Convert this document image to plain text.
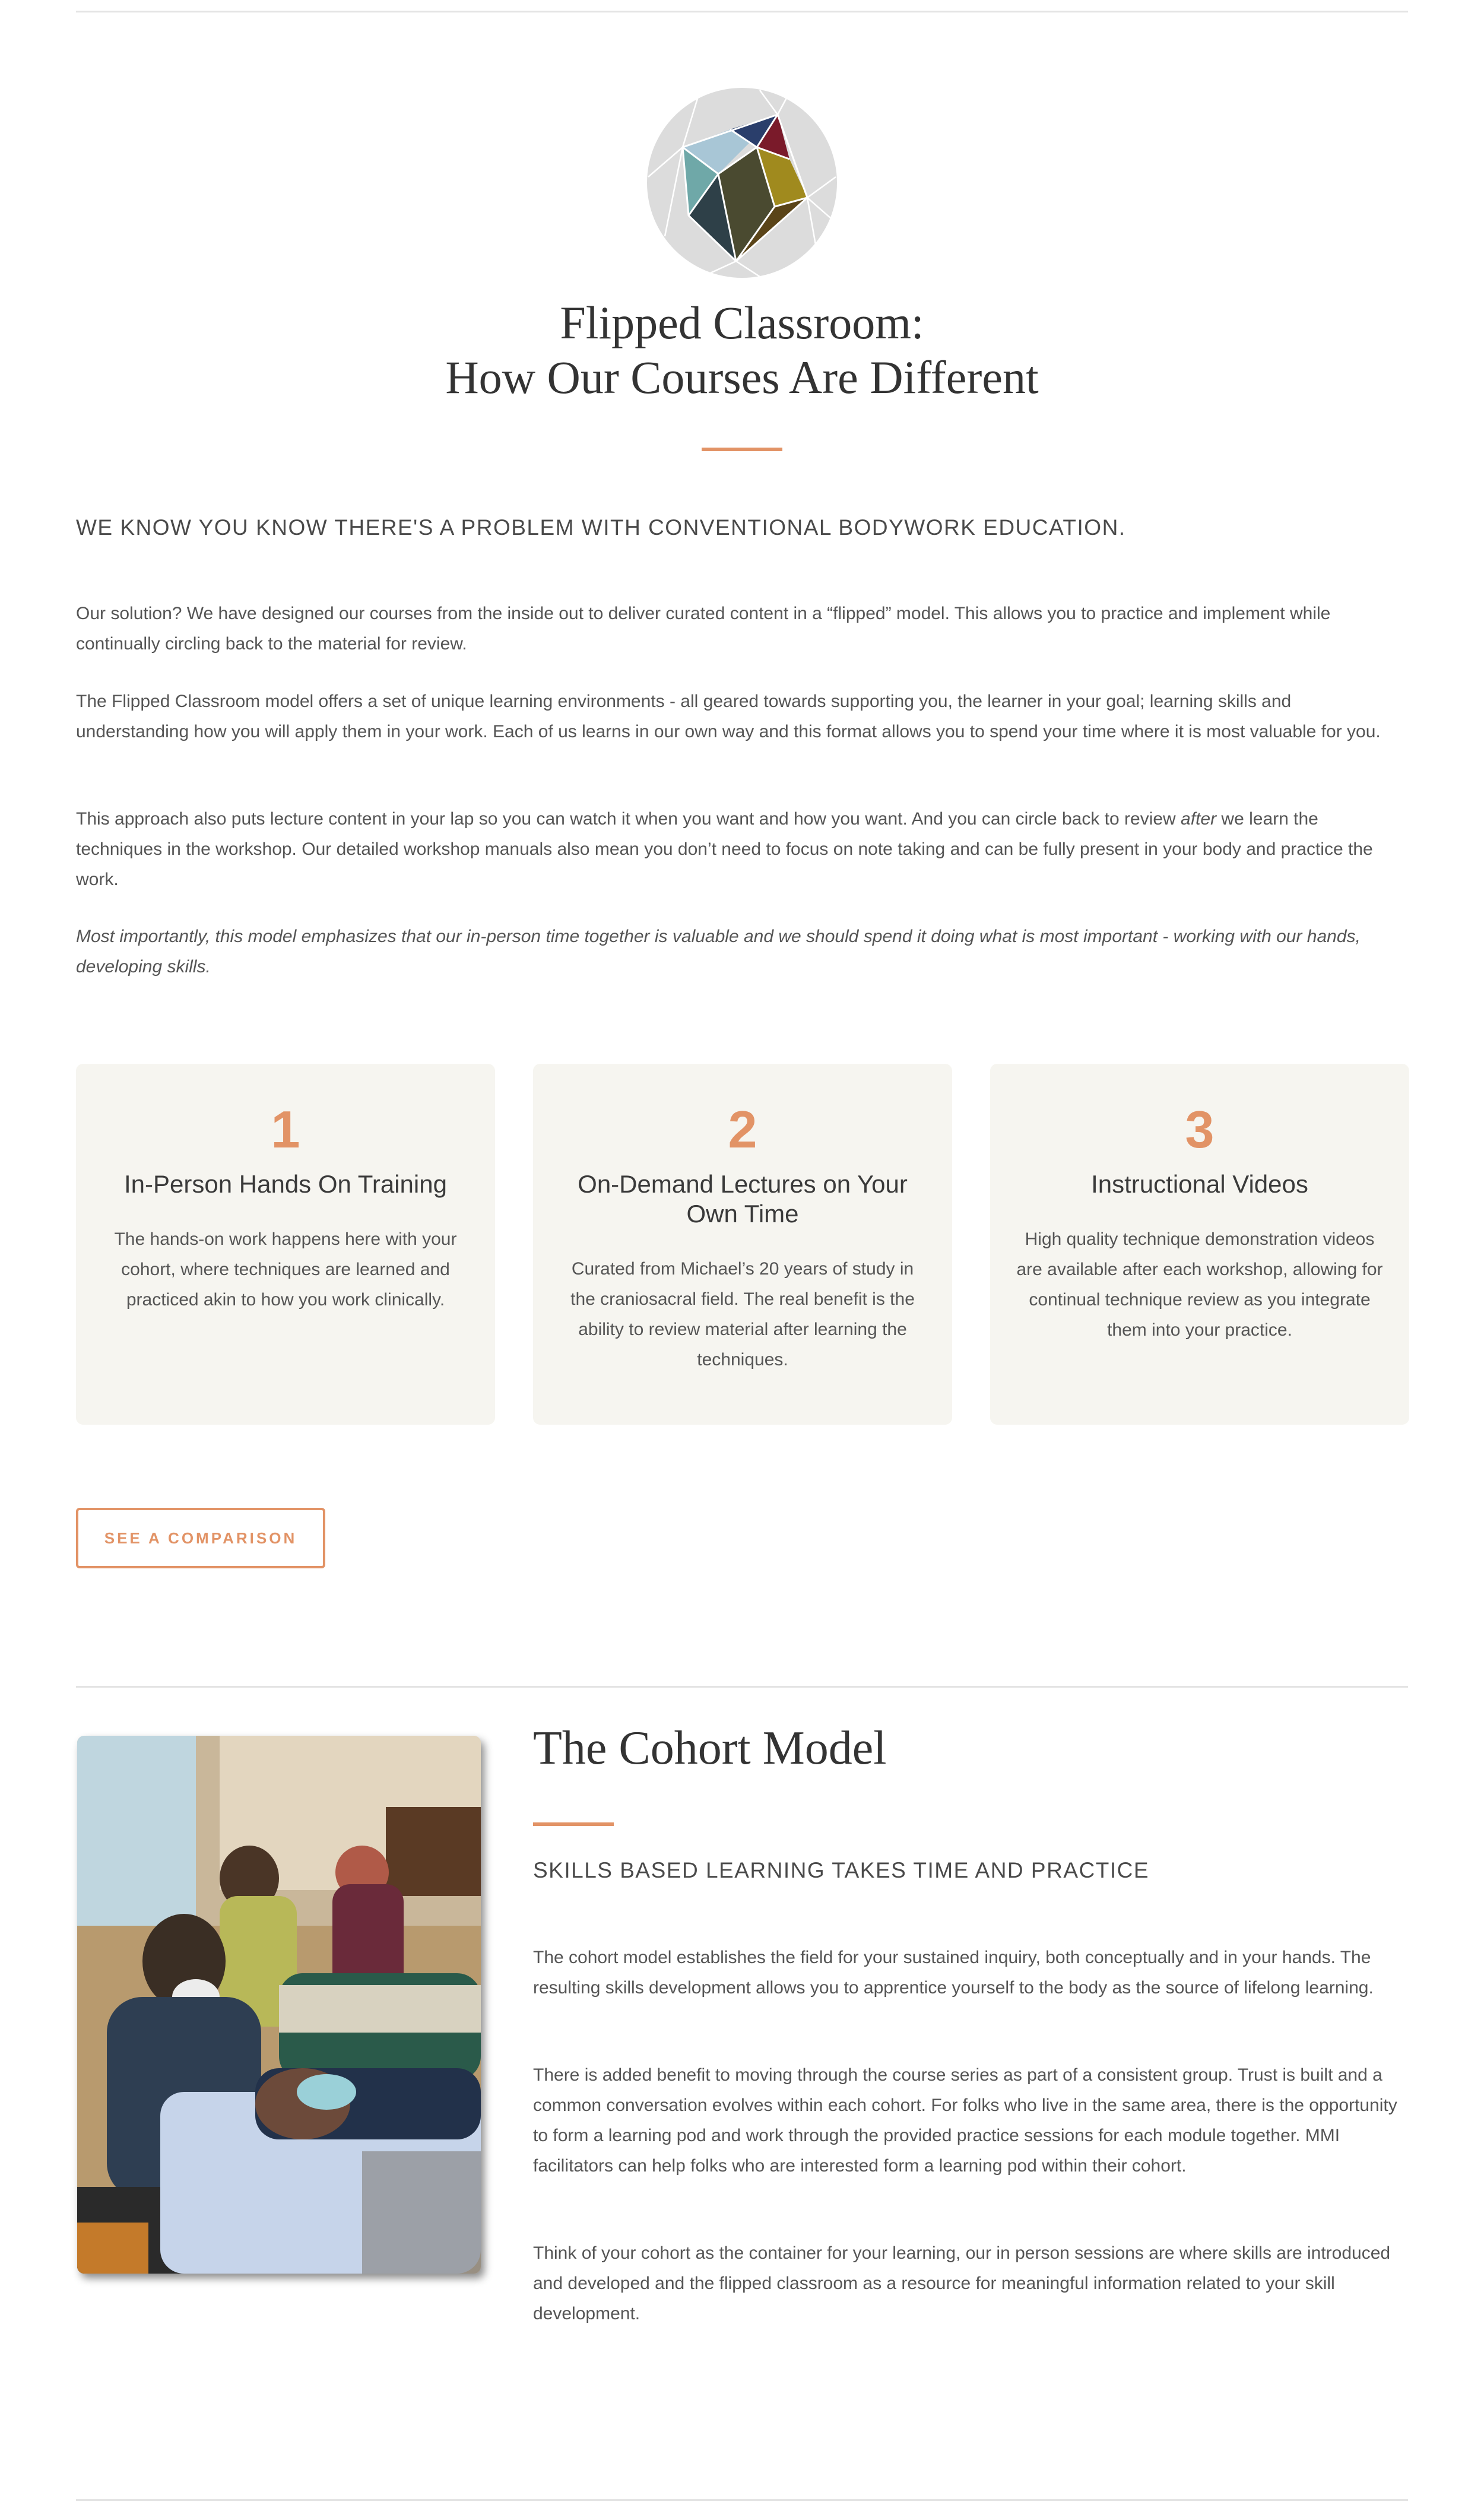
Flipped Classroom:
How Our Courses Are Different
WE KNOW YOU KNOW THERE'S A PROBLEM WITH CONVENTIONAL BODYWORK EDUCATION.

Our solution? We have designed our courses from the inside out to deliver curated content in a “flipped” model. This allows you to practice and implement while continually circling back to the material for review.

The Flipped Classroom model offers a set of unique learning environments - all geared towards supporting you, the learner in your goal; learning skills and understanding how you will apply them in your work. Each of us learns in our own way and this format allows you to spend your time where it is most valuable for you.

This approach also puts lecture content in your lap so you can watch it when you want and how you want. And you can circle back to review after we learn the techniques in the workshop. Our detailed workshop manuals also mean you don’t need to focus on note taking and can be fully present in your body and practice the work.

Most importantly, this model emphasizes that our in-person time together is valuable and we should spend it doing what is most important - working with our hands, developing skills.

1
In-Person Hands On Training
The hands-on work happens here with your cohort, where techniques are learned and practiced akin to how you work clinically.
2
On-Demand Lectures on Your Own Time
Curated from Michael’s 20 years of study in the craniosacral field. The real benefit is the ability to review material after learning the techniques.
3
Instructional Videos
High quality technique demonstration videos are available after each workshop, allowing for continual technique review as you integrate them into your practice.
SEE A COMPARISON
The Cohort Model
SKILLS BASED LEARNING TAKES TIME AND PRACTICE

The cohort model establishes the field for your sustained inquiry, both conceptually and in your hands. The resulting skills development allows you to apprentice yourself to the body as the source of lifelong learning.

There is added benefit to moving through the course series as part of a consistent group. Trust is built and a common conversation evolves within each cohort. For folks who live in the same area, there is the opportunity to form a learning pod and work through the provided practice sessions for each module together. MMI facilitators can help folks who are interested form a learning pod within their cohort.

Think of your cohort as the container for your learning, our in person sessions are where skills are introduced and developed and the flipped classroom as a resource for meaningful information related to your skill development.
